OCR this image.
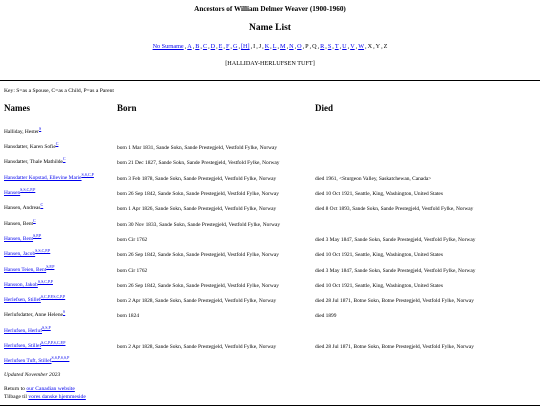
Ancestors of William Delmer Weaver (1900-1960)
Name List
No Surname,A,B,C,D,E,F,G,[H],I,J,K,L,M,N,O,P,Q,R,S,T,U,V,W,X,Y,Z
[HALLIDAY-HERLUFSEN TUFT]
Key: S=as a Spouse, C=as a Child, P=as a Parent
Names	Born	Died
Halliday, Hester$^S$
Hansdatter, Karen Sofie$^C$
born 1 Mar 1831, Sande Sokn, Sande Prestegjeld, Vestfold Fylke, Norway
Hansdatter, Thale Mathilde$^C$
born 21 Dec 1827, Sande Sokn, Sande Prestegjeld, Vestfold Fylke, Norway
Hansdatter Kopstad, Ellevine Marie$^{S,S,C,P}$
born 3 Feb 1878, Sande Sokn, Sande Prestegjeld, Vestfold Fylke, Norway	died 1961, <Sturgeon Valley, Saskatchewan, Canada>
Hansen$^{S,S,C,P,P}$
born 26 Sep 1842, Sande Sokn, Sande Prestegjeld, Vestfold Fylke, Norway	died 10 Oct 1921, Seattle, King, Washington, United States
Hansen, Andreas$^C$
born 1 Apr 1826, Sande Sokn, Sande Prestegjeld, Vestfold Fylke, Norway	died 8 Oct 1893, Sande Sokn, Sande Prestegjeld, Vestfold Fylke, Norway
Hansen, Bent$^C$
born 30 Nov 1833, Sande Sokn, Sande Prestegjeld, Vestfold Fylke, Norway
Hansen, Bent$^{S,P,P}$
born Cir 1762	died 3 May 1847, Sande Sokn, Sande Prestegjeld, Vestfold Fylke, Norway
Hansen, Jacob$^{S,S,C,P,P}$
born 26 Sep 1842, Sande Sokn, Sande Prestegjeld, Vestfold Fylke, Norway	died 10 Oct 1921, Seattle, King, Washington, United States
Hansen Teien, Bent$^{S,P,P}$
born Cir 1762	died 3 May 1847, Sande Sokn, Sande Prestegjeld, Vestfold Fylke, Norway
Hansson, Jakob$^{S,S,C,P,P}$
born 26 Sep 1842, Sande Sokn, Sande Prestegjeld, Vestfold Fylke, Norway	died 10 Oct 1921, Seattle, King, Washington, United States
Herlefsen, Stillef$^{S,C,P,P,S,C,P,P}$
born 2 Apr 1828, Sande Sokn, Sande Prestegjeld, Vestfold Fylke, Norway	died 28 Jul 1871, Botne Sokn, Botne Prestegjeld, Vestfold Fylke, Norway
Herlufsdatter, Anne Helene$^S$
born 1824	died 1899
Herlufsen, Herluf$^{S,S,P}$
Herlufsen, Stillef$^{S,C,P,P,S,C,P,P}$
born 2 Apr 1828, Sande Sokn, Sande Prestegjeld, Vestfold Fylke, Norway	died 28 Jul 1871, Botne Sokn, Botne Prestegjeld, Vestfold Fylke, Norway
Herlufsen Tuft, Stillef$^{S,S,P,S,S,P}$
Updated November 2023
Return to our Canadian website
Tilbage til vores danske hjemmeside
